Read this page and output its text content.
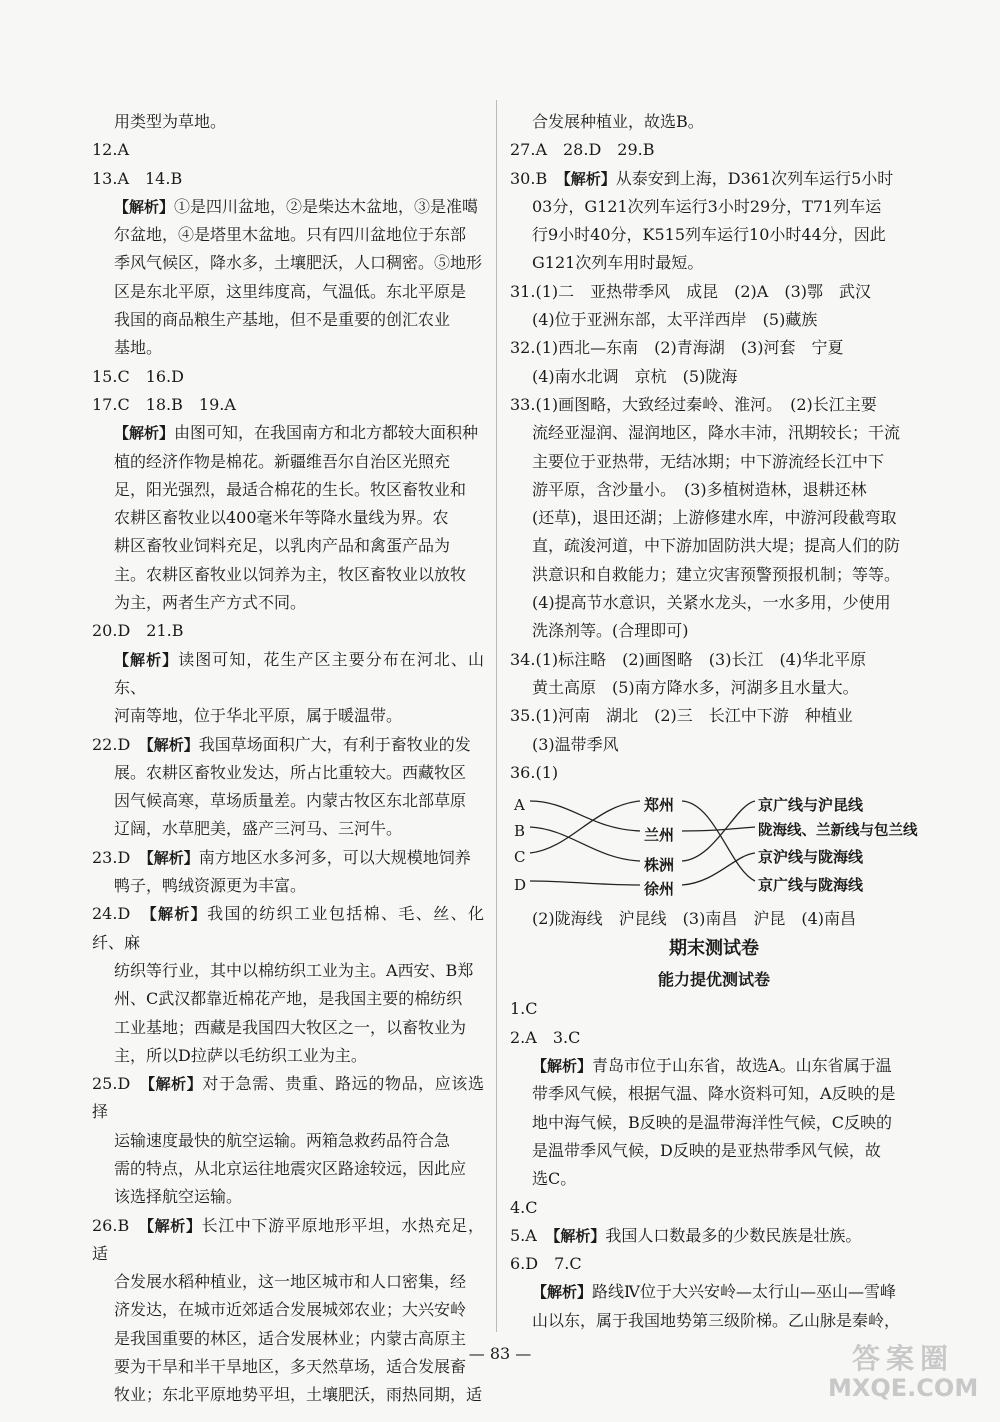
用类型为草地。

12.A

13.A　14.B

【解析】①是四川盆地，②是柴达木盆地，③是准噶

尔盆地，④是塔里木盆地。只有四川盆地位于东部

季风气候区，降水多，土壤肥沃，人口稠密。⑤地形

区是东北平原，这里纬度高，气温低。东北平原是

我国的商品粮生产基地，但不是重要的创汇农业

基地。

15.C　16.D

17.C　18.B　19.A

【解析】由图可知，在我国南方和北方都较大面积种

植的经济作物是棉花。新疆维吾尔自治区光照充

足，阳光强烈，最适合棉花的生长。牧区畜牧业和

农耕区畜牧业以400毫米年等降水量线为界。农

耕区畜牧业饲料充足，以乳肉产品和禽蛋产品为

主。农耕区畜牧业以饲养为主，牧区畜牧业以放牧

为主，两者生产方式不同。

20.D　21.B

【解析】读图可知，花生产区主要分布在河北、山东、

河南等地，位于华北平原，属于暖温带。

22.D　【解析】我国草场面积广大，有利于畜牧业的发

展。农耕区畜牧业发达，所占比重较大。西藏牧区

因气候高寒，草场质量差。内蒙古牧区东北部草原

辽阔，水草肥美，盛产三河马、三河牛。

23.D　【解析】南方地区水多河多，可以大规模地饲养

鸭子，鸭绒资源更为丰富。

24.D　【解析】我国的纺织工业包括棉、毛、丝、化纤、麻

纺织等行业，其中以棉纺织工业为主。A西安、B郑

州、C武汉都靠近棉花产地，是我国主要的棉纺织

工业基地；西藏是我国四大牧区之一，以畜牧业为

主，所以D拉萨以毛纺织工业为主。

25.D　【解析】对于急需、贵重、路远的物品，应该选择

运输速度最快的航空运输。两箱急救药品符合急

需的特点，从北京运往地震灾区路途较远，因此应

该选择航空运输。

26.B　【解析】长江中下游平原地形平坦，水热充足，适

合发展水稻种植业，这一地区城市和人口密集，经

济发达，在城市近郊适合发展城郊农业；大兴安岭

是我国重要的林区，适合发展林业；内蒙古高原主

要为干旱和半干旱地区，多天然草场，适合发展畜

牧业；东北平原地势平坦，土壤肥沃，雨热同期，适

合发展种植业，故选B。

27.A　28.D　29.B

30.B　【解析】从泰安到上海，D361次列车运行5小时

03分，G121次列车运行3小时29分，T71列车运

行9小时40分，K515列车运行10小时44分，因此

G121次列车用时最短。

31.(1)二　亚热带季风　成昆　(2)A　(3)鄂　武汉

(4)位于亚洲东部，太平洋西岸　(5)藏族

32.(1)西北—东南　(2)青海湖　(3)河套　宁夏

(4)南水北调　京杭　(5)陇海

33.(1)画图略，大致经过秦岭、淮河。　(2)长江主要

流经亚湿润、湿润地区，降水丰沛，汛期较长；干流

主要位于亚热带，无结冰期；中下游流经长江中下

游平原，含沙量小。　(3)多植树造林，退耕还林

(还草)，退田还湖；上游修建水库，中游河段截弯取

直，疏浚河道，中下游加固防洪大堤；提高人们的防

洪意识和自救能力；建立灾害预警预报机制；等等。

(4)提高节水意识，关紧水龙头，一水多用，少使用

洗涤剂等。(合理即可)

34.(1)标注略　(2)画图略　(3)长江　(4)华北平原

黄土高原　(5)南方降水多，河湖多且水量大。

35.(1)河南　湖北　(2)三　长江中下游　种植业

(3)温带季风

36.(1)

A
B
C
D
郑州
兰州
株洲
徐州
京广线与沪昆线
陇海线、兰新线与包兰线
京沪线与陇海线
京广线与陇海线

(2)陇海线　沪昆线　(3)南昌　沪昆　(4)南昌

期末测试卷
能力提优测试卷

1.C

2.A　3.C

【解析】青岛市位于山东省，故选A。山东省属于温

带季风气候，根据气温、降水资料可知，A反映的是

地中海气候，B反映的是温带海洋性气候，C反映的

是温带季风气候，D反映的是亚热带季风气候，故

选C。

4.C

5.A　【解析】我国人口数最多的少数民族是壮族。

6.D　7.C

【解析】路线Ⅳ位于大兴安岭—太行山—巫山—雪峰

山以东，属于我国地势第三级阶梯。乙山脉是秦岭，

— 83 —	答案圈
MXQE.COM
